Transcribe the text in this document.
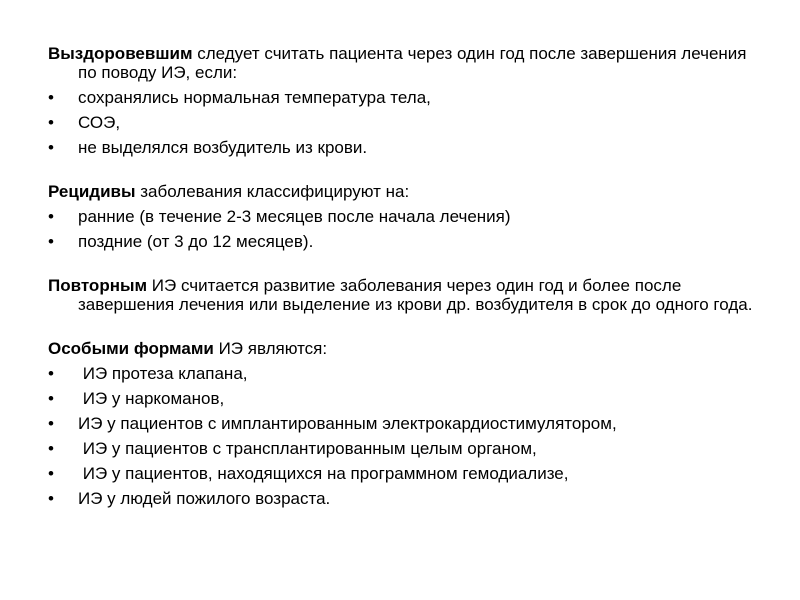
Выздоровевшим следует считать пациента через один год после завершения лечения по поводу ИЭ, если:

• сохранялись нормальная температура тела,
• СОЭ,
• не выделялся возбудитель из крови.

Рецидивы заболевания классифицируют на:

• ранние (в течение 2-3 месяцев после начала лечения)
• поздние (от 3 до 12 месяцев).

Повторным ИЭ считается развитие заболевания через один год и более после завершения лечения или выделение из крови др. возбудителя в срок до одного года.

Особыми формами ИЭ являются:

• ИЭ протеза клапана,
• ИЭ у наркоманов,
• ИЭ у пациентов с имплантированным электрокардиостимулятором,
• ИЭ у пациентов с трансплантированным целым органом,
• ИЭ у пациентов, находящихся на программном гемодиализе,
• ИЭ у людей пожилого возраста.
